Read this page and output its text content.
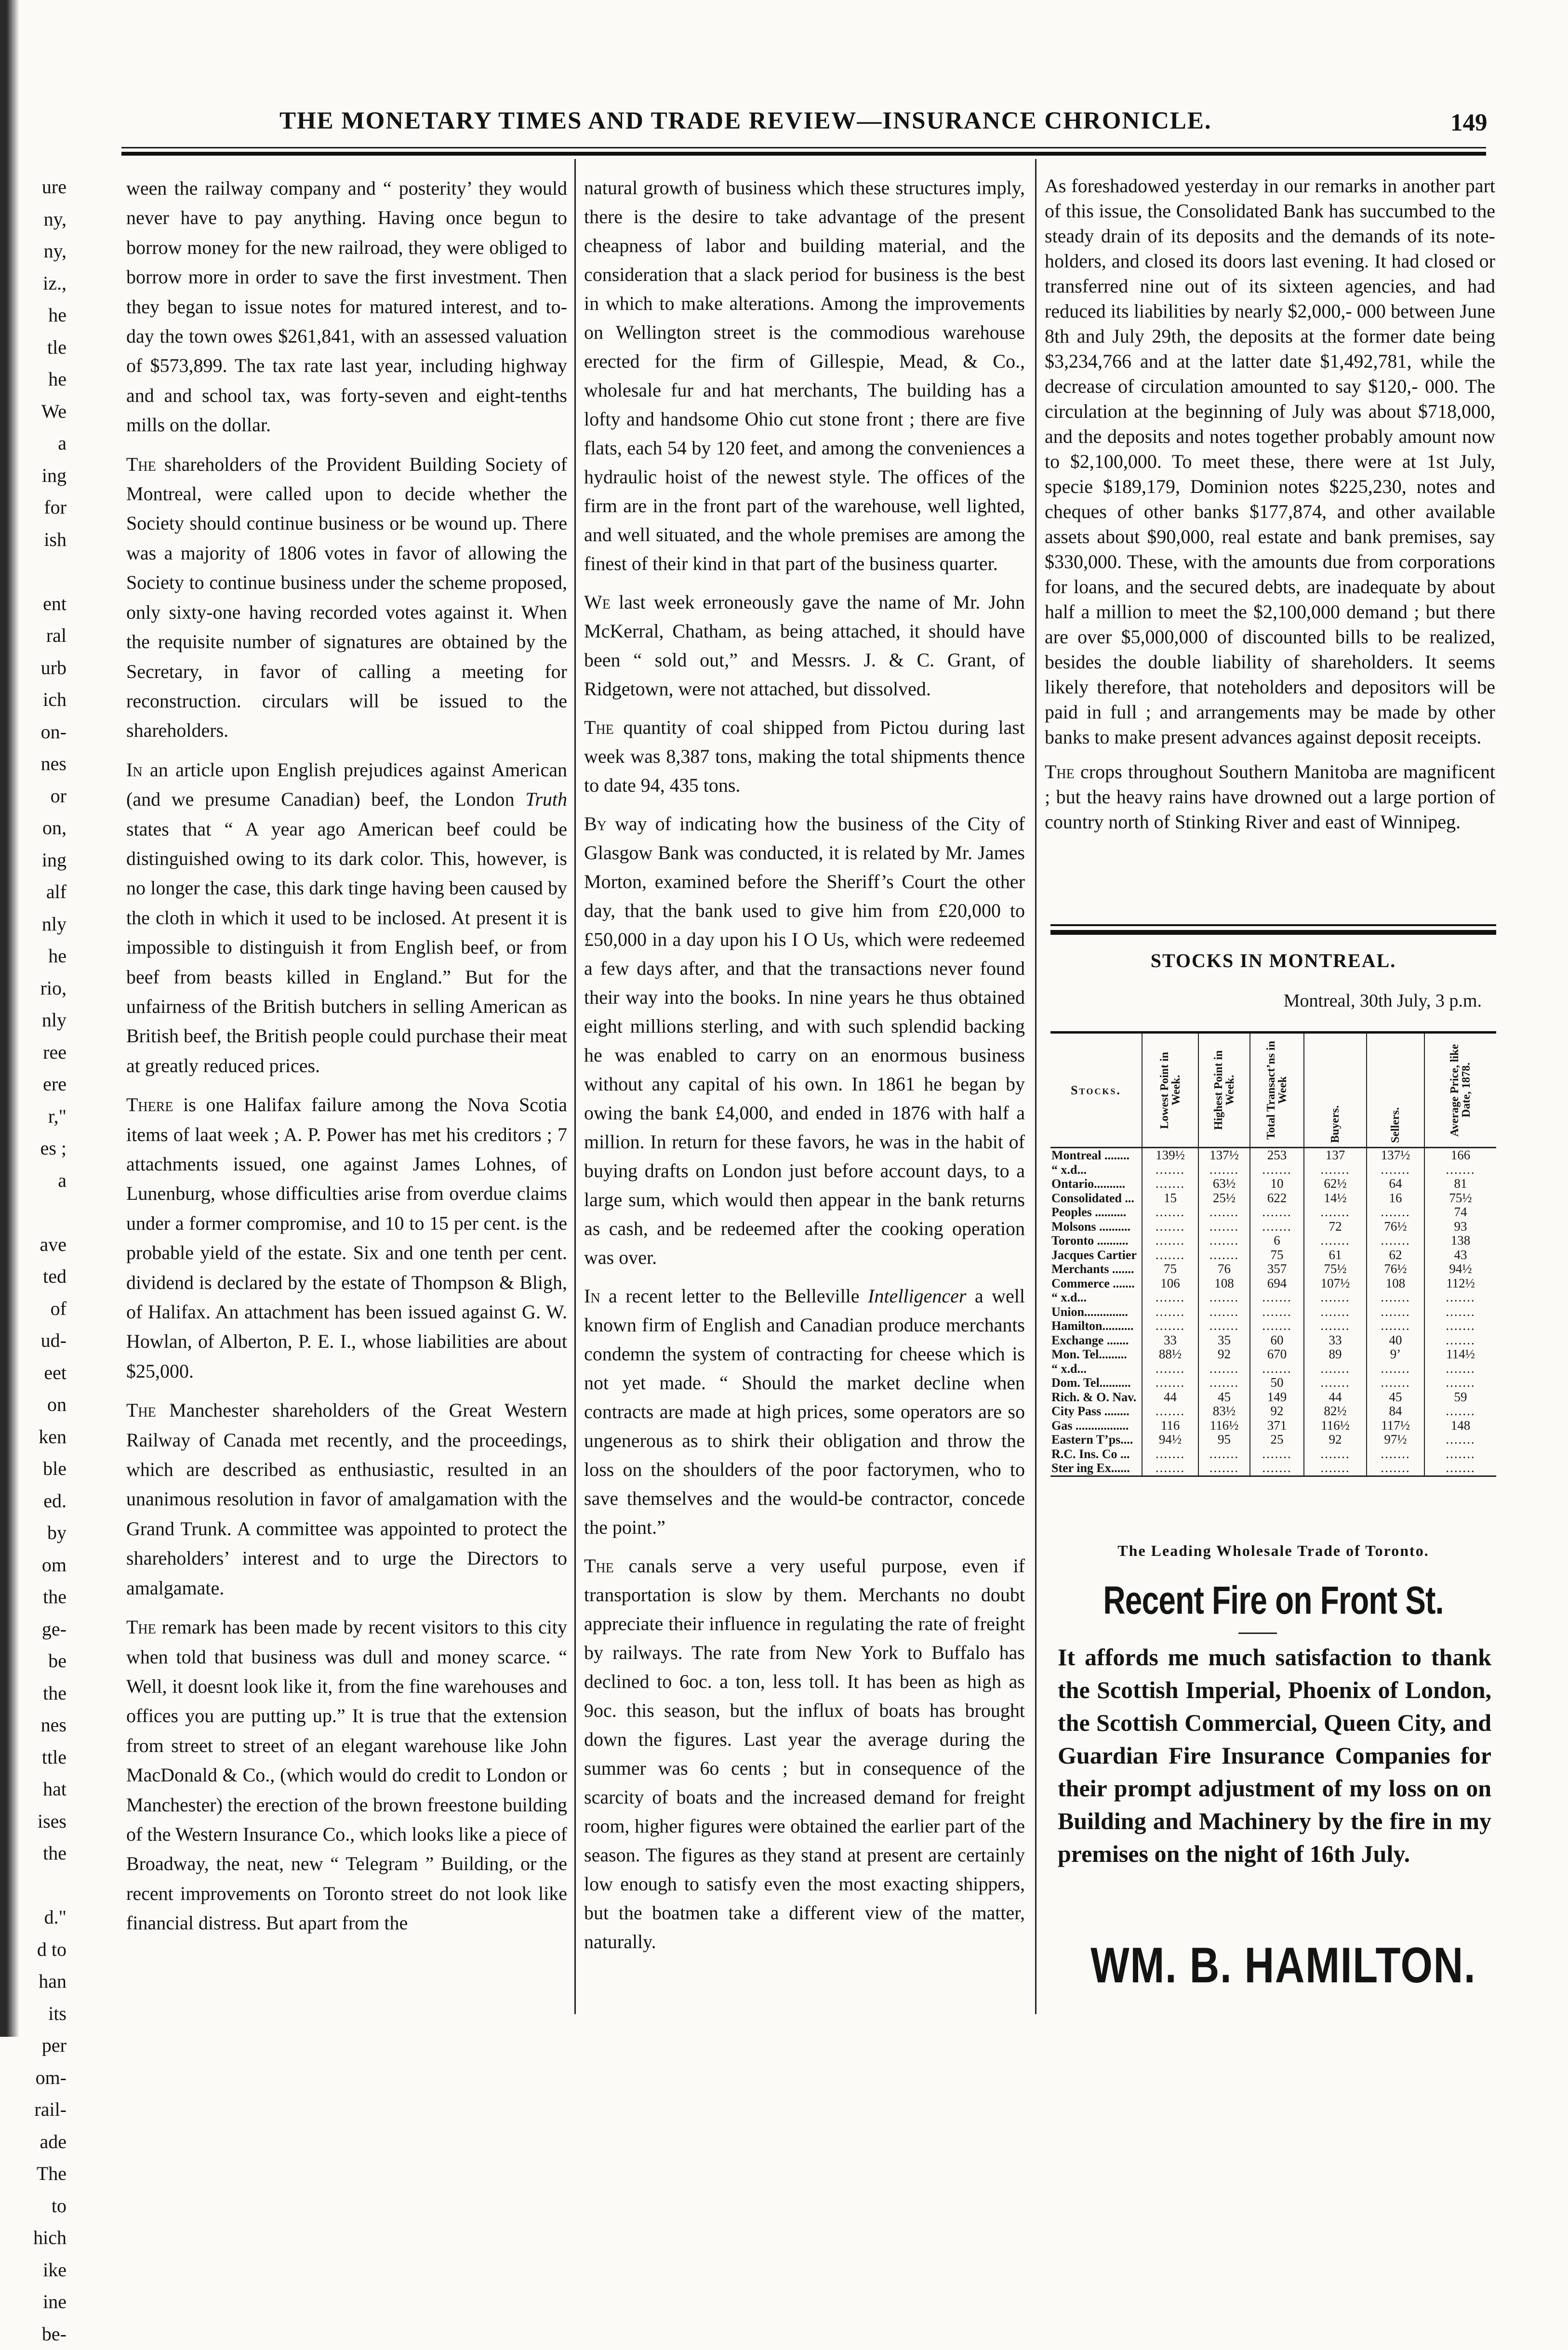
ure
ny,
ny,
iz.,
he
tle
he
We
a
ing
for
ish

ent
ral
urb
ich
on-
nes
or
on,
ing
alf
nly
he
rio,
nly
ree
ere
r,"
es ;
a

ave
ted
of
ud-
eet
on
ken
ble
ed.
by
om
the
ge-
be
the
nes
ttle
hat
ises
the

d."
d to
han
its
per
om-
rail-
ade
The
to
hich
ike
ine
be-
THE MONETARY TIMES AND TRADE REVIEW—INSURANCE CHRONICLE.	149

ween the railway company and “ posterity’ they would never have to pay anything. Having once begun to borrow money for the new railroad, they were obliged to borrow more in order to save the first investment. Then they began to issue notes for matured interest, and to-day the town owes $261,841, with an assessed valuation of $573,899. The tax rate last year, including highway and and school tax, was forty-seven and eight-tenths mills on the dollar.

The shareholders of the Provident Building Society of Montreal, were called upon to decide whether the Society should continue business or be wound up. There was a majority of 1806 votes in favor of allowing the Society to continue business under the scheme proposed, only sixty-one having recorded votes against it. When the requisite number of signatures are obtained by the Secretary, in favor of calling a meeting for reconstruction. circulars will be issued to the shareholders.

In an article upon English prejudices against American (and we presume Canadian) beef, the London Truth states that “ A year ago American beef could be distinguished owing to its dark color. This, however, is no longer the case, this dark tinge having been caused by the cloth in which it used to be inclosed. At present it is impossible to distinguish it from English beef, or from beef from beasts killed in England.” But for the unfairness of the British butchers in selling American as British beef, the British people could purchase their meat at greatly reduced prices.

There is one Halifax failure among the Nova Scotia items of laat week ; A. P. Power has met his creditors ; 7 attachments issued, one against James Lohnes, of Lunenburg, whose difficulties arise from overdue claims under a former compromise, and 10 to 15 per cent. is the probable yield of the estate. Six and one tenth per cent. dividend is declared by the estate of Thompson & Bligh, of Halifax. An attachment has been issued against G. W. Howlan, of Alberton, P. E. I., whose liabilities are about $25,000.

The Manchester shareholders of the Great Western Railway of Canada met recently, and the proceedings, which are described as enthusiastic, resulted in an unanimous resolution in favor of amalgamation with the Grand Trunk. A committee was appointed to protect the shareholders’ interest and to urge the Directors to amalgamate.

The remark has been made by recent visitors to this city when told that business was dull and money scarce. “ Well, it doesnt look like it, from the fine warehouses and offices you are putting up.” It is true that the extension from street to street of an elegant warehouse like John MacDonald & Co., (which would do credit to London or Manchester) the erection of the brown freestone building of the Western Insurance Co., which looks like a piece of Broadway, the neat, new “ Telegram ” Building, or the recent improvements on Toronto street do not look like financial distress. But apart from the

natural growth of business which these structures imply, there is the desire to take advantage of the present cheapness of labor and building material, and the consideration that a slack period for business is the best in which to make alterations. Among the improvements on Wellington street is the commodious warehouse erected for the firm of Gillespie, Mead, & Co., wholesale fur and hat merchants, The building has a lofty and handsome Ohio cut stone front ; there are five flats, each 54 by 120 feet, and among the conveniences a hydraulic hoist of the newest style. The offices of the firm are in the front part of the warehouse, well lighted, and well situated, and the whole premises are among the finest of their kind in that part of the business quarter.

We last week erroneously gave the name of Mr. John McKerral, Chatham, as being attached, it should have been “ sold out,” and Messrs. J. & C. Grant, of Ridgetown, were not attached, but dissolved.

The quantity of coal shipped from Pictou during last week was 8,387 tons, making the total shipments thence to date 94, 435 tons.

By way of indicating how the business of the City of Glasgow Bank was conducted, it is related by Mr. James Morton, examined before the Sheriff’s Court the other day, that the bank used to give him from £20,000 to £50,000 in a day upon his I O Us, which were redeemed a few days after, and that the transactions never found their way into the books. In nine years he thus obtained eight millions sterling, and with such splendid backing he was enabled to carry on an enormous business without any capital of his own. In 1861 he began by owing the bank £4,000, and ended in 1876 with half a million. In return for these favors, he was in the habit of buying drafts on London just before account days, to a large sum, which would then appear in the bank returns as cash, and be redeemed after the cooking operation was over.

In a recent letter to the Belleville Intelligencer a well known firm of English and Canadian produce merchants condemn the system of contracting for cheese which is not yet made. “ Should the market decline when contracts are made at high prices, some operators are so ungenerous as to shirk their obligation and throw the loss on the shoulders of the poor factorymen, who to save themselves and the would-be contractor, concede the point.”

The canals serve a very useful purpose, even if transportation is slow by them. Merchants no doubt appreciate their influence in regulating the rate of freight by railways. The rate from New York to Buffalo has declined to 6oc. a ton, less toll. It has been as high as 9oc. this season, but the influx of boats has brought down the figures. Last year the average during the summer was 6o cents ; but in consequence of the scarcity of boats and the increased demand for freight room, higher figures were obtained the earlier part of the season. The figures as they stand at present are certainly low enough to satisfy even the most exacting shippers, but the boatmen take a different view of the matter, naturally.

As foreshadowed yesterday in our remarks in another part of this issue, the Consolidated Bank has succumbed to the steady drain of its deposits and the demands of its note-holders, and closed its doors last evening. It had closed or transferred nine out of its sixteen agencies, and had reduced its liabilities by nearly $2,000,- 000 between June 8th and July 29th, the deposits at the former date being $3,234,766 and at the latter date $1,492,781, while the decrease of circulation amounted to say $120,- 000. The circulation at the beginning of July was about $718,000, and the deposits and notes together probably amount now to $2,100,000. To meet these, there were at 1st July, specie $189,179, Dominion notes $225,230, notes and cheques of other banks $177,874, and other available assets about $90,000, real estate and bank premises, say $330,000. These, with the amounts due from corporations for loans, and the secured debts, are inadequate by about half a million to meet the $2,100,000 demand ; but there are over $5,000,000 of discounted bills to be realized, besides the double liability of shareholders. It seems likely therefore, that noteholders and depositors will be paid in full ; and arrangements may be made by other banks to make present advances against deposit receipts.

The crops throughout Southern Manitoba are magnificent ; but the heavy rains have drowned out a large portion of country north of Stinking River and east of Winnipeg.

STOCKS IN MONTREAL.
Montreal, 30th July, 3 p.m.
Stocks.	Lowest Point in Week.	Highest Point in Week.	Total Transact’ns in Week	Buyers.	Sellers.	Average Price, like Date, 1878.

Montreal ........	139½	137½	253	137	137½	166
“ x.d...	.......	.......	.......	.......	.......	.......
Ontario..........	.......	63½	10	62½	64	81
Consolidated ...	15	25½	622	14½	16	75½
Peoples ..........	.......	.......	.......	.......	.......	74
Molsons ..........	.......	.......	.......	72	76½	93
Toronto ..........	.......	.......	6	.......	.......	138
Jacques Cartier	.......	.......	75	61	62	43
Merchants .......	75	76	357	75½	76½	94½
Commerce .......	106	108	694	107½	108	112½
“ x.d...	.......	.......	.......	.......	.......	.......
Union..............	.......	.......	.......	.......	.......	.......
Hamilton..........	.......	.......	.......	.......	.......	.......
Exchange .......	33	35	60	33	40	.......
Mon. Tel.........	88½	92	670	89	9’	114½
“ x.d...	.......	.......	.......	.......	.......	.......
Dom. Tel..........	.......	.......	50	.......	.......	.......
Rich. & O. Nav.	44	45	149	44	45	59
City Pass ........	.......	83½	92	82½	84	.......
Gas .................	116	116½	371	116½	117½	148
Eastern T’ps....	94½	95	25	92	97½	.......
R.C. Ins. Co ...	.......	.......	.......	.......	.......	.......
Ster ing Ex......	.......	.......	.......	.......	.......	.......
The Leading Wholesale Trade of Toronto.
Recent Fire on Front St.
It affords me much satisfaction to thank the Scottish Imperial, Phoenix of London, the Scottish Commercial, Queen City, and Guardian Fire Insurance Companies for their prompt adjustment of my loss on on Building and Machinery by the fire in my premises on the night of 16th July.
WM. B. HAMILTON.
